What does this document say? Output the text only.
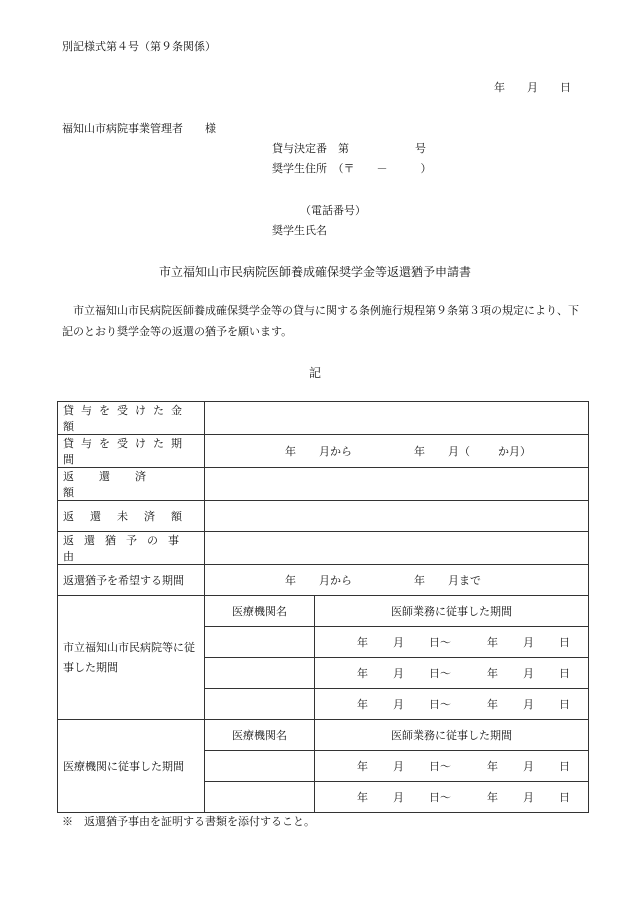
別記様式第４号（第９条関係）
年 月 日
福知山市病院事業管理者　　様
貸与決定番　第　　　　　　号
奨学生住所　（〒　　－　　　）
（電話番号）
奨学生氏名
市立福知山市民病院医師養成確保奨学金等返還猶予申請書
市立福知山市民病院医師養成確保奨学金等の貸与に関する条例施行規程第９条第３項の規定により、下記のとおり奨学金等の返還の猶予を願います。
記
貸与を受けた金額		

貸与を受けた期間	年 月から 年 月（ か月）	
返還済額		
返還未済額		
返還猶予の事由		
返還猶予を希望する期間	年 月から 年 月まで	
市立福知山市民病院等に従事した期間	医療機関名	医師業務に従事した期間
		年 月 日〜 年 月 日
		年 月 日〜 年 月 日
		年 月 日〜 年 月 日
医療機関に従事した期間	医療機関名	医師業務に従事した期間
		年 月 日〜 年 月 日
		年 月 日〜 年 月 日
※　返還猶予事由を証明する書類を添付すること。
